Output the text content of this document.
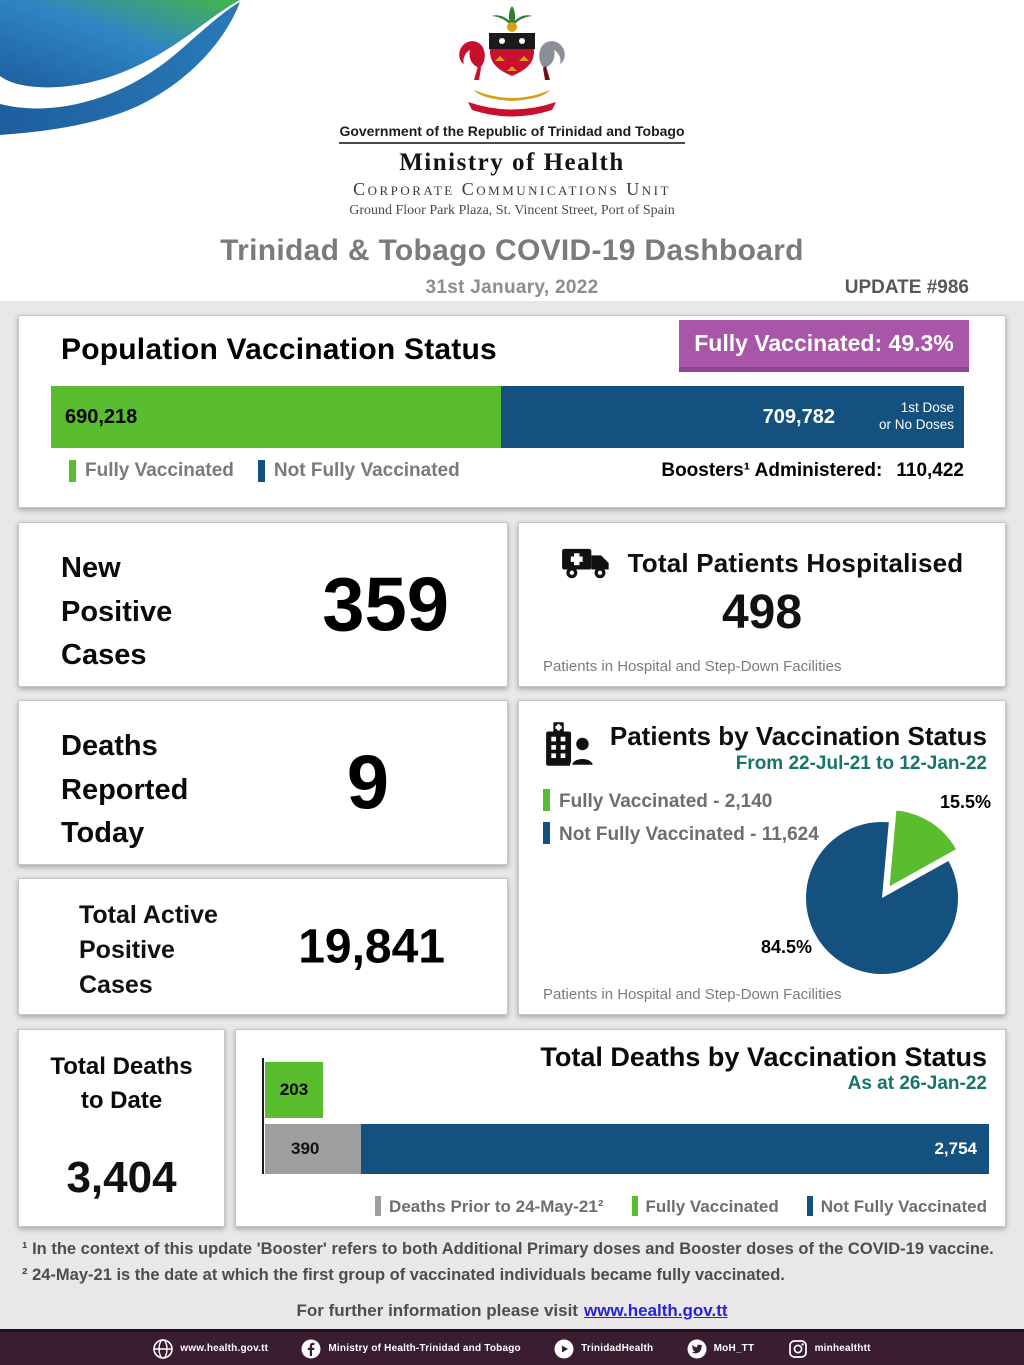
Government of the Republic of Trinidad and Tobago
Ministry of Health
Corporate Communications Unit
Ground Floor Park Plaza, St. Vincent Street, Port of Spain
Trinidad & Tobago COVID-19 Dashboard
31st January, 2022	UPDATE #986
Population Vaccination Status	Fully Vaccinated: 49.3%
690,218	709,782	1st Dose
or No Doses
Fully Vaccinated Not Fully Vaccinated	Boosters¹ Administered: 110,422
New
Positive
Cases
359
Deaths
Reported
Today
9
Total Active
Positive
Cases
19,841
Total Patients Hospitalised
498
Patients in Hospital and Step-Down Facilities
Patients by Vaccination Status
From 22-Jul-21 to 12-Jan-22
Fully Vaccinated - 2,140
Not Fully Vaccinated - 11,624
15.5%
84.5%
Patients in Hospital and Step-Down Facilities
Total Deaths
to Date
3,404
Total Deaths by Vaccination Status
As at 26-Jan-22
203
390	2,754
Deaths Prior to 24-May-21²	Fully Vaccinated	Not Fully Vaccinated
¹ In the context of this update 'Booster' refers to both Additional Primary doses and Booster doses of the COVID-19 vaccine.
² 24-May-21 is the date at which the first group of vaccinated individuals became fully vaccinated.
For further information please visit www.health.gov.tt
www.health.gov.tt	Ministry of Health-Trinidad and Tobago	TrinidadHealth	MoH_TT	minhealthtt
